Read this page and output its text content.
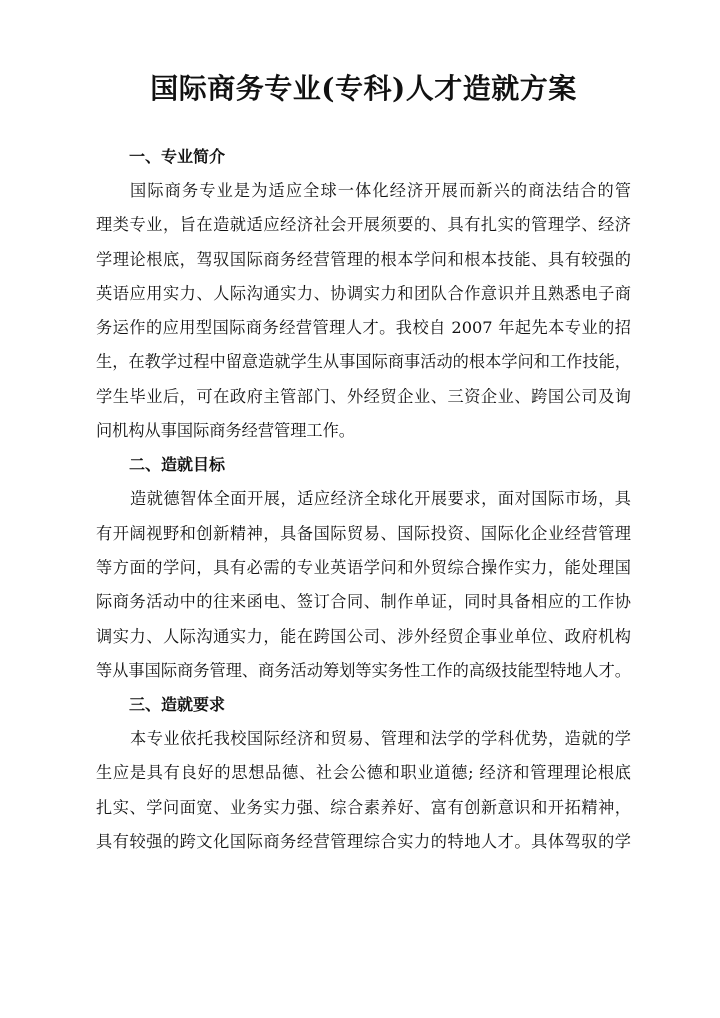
国际商务专业(专科)人才造就方案
一、专业简介

国际商务专业是为适应全球一体化经济开展而新兴的商法结合的管
理类专业，旨在造就适应经济社会开展须要的、具有扎实的管理学、经济
学理论根底，驾驭国际商务经营管理的根本学问和根本技能、具有较强的
英语应用实力、人际沟通实力、协调实力和团队合作意识并且熟悉电子商
务运作的应用型国际商务经营管理人才。我校自 2007 年起先本专业的招
生，在教学过程中留意造就学生从事国际商事活动的根本学问和工作技能，
学生毕业后，可在政府主管部门、外经贸企业、三资企业、跨国公司及询
问机构从事国际商务经营管理工作。

二、造就目标

造就德智体全面开展，适应经济全球化开展要求，面对国际市场，具
有开阔视野和创新精神，具备国际贸易、国际投资、国际化企业经营管理
等方面的学问，具有必需的专业英语学问和外贸综合操作实力，能处理国
际商务活动中的往来函电、签订合同、制作单证，同时具备相应的工作协
调实力、人际沟通实力，能在跨国公司、涉外经贸企事业单位、政府机构
等从事国际商务管理、商务活动筹划等实务性工作的高级技能型特地人才。

三、造就要求

本专业依托我校国际经济和贸易、管理和法学的学科优势，造就的学
生应是具有良好的思想品德、社会公德和职业道德; 经济和管理理论根底
扎实、学问面宽、业务实力强、综合素养好、富有创新意识和开拓精神，
具有较强的跨文化国际商务经营管理综合实力的特地人才。具体驾驭的学
